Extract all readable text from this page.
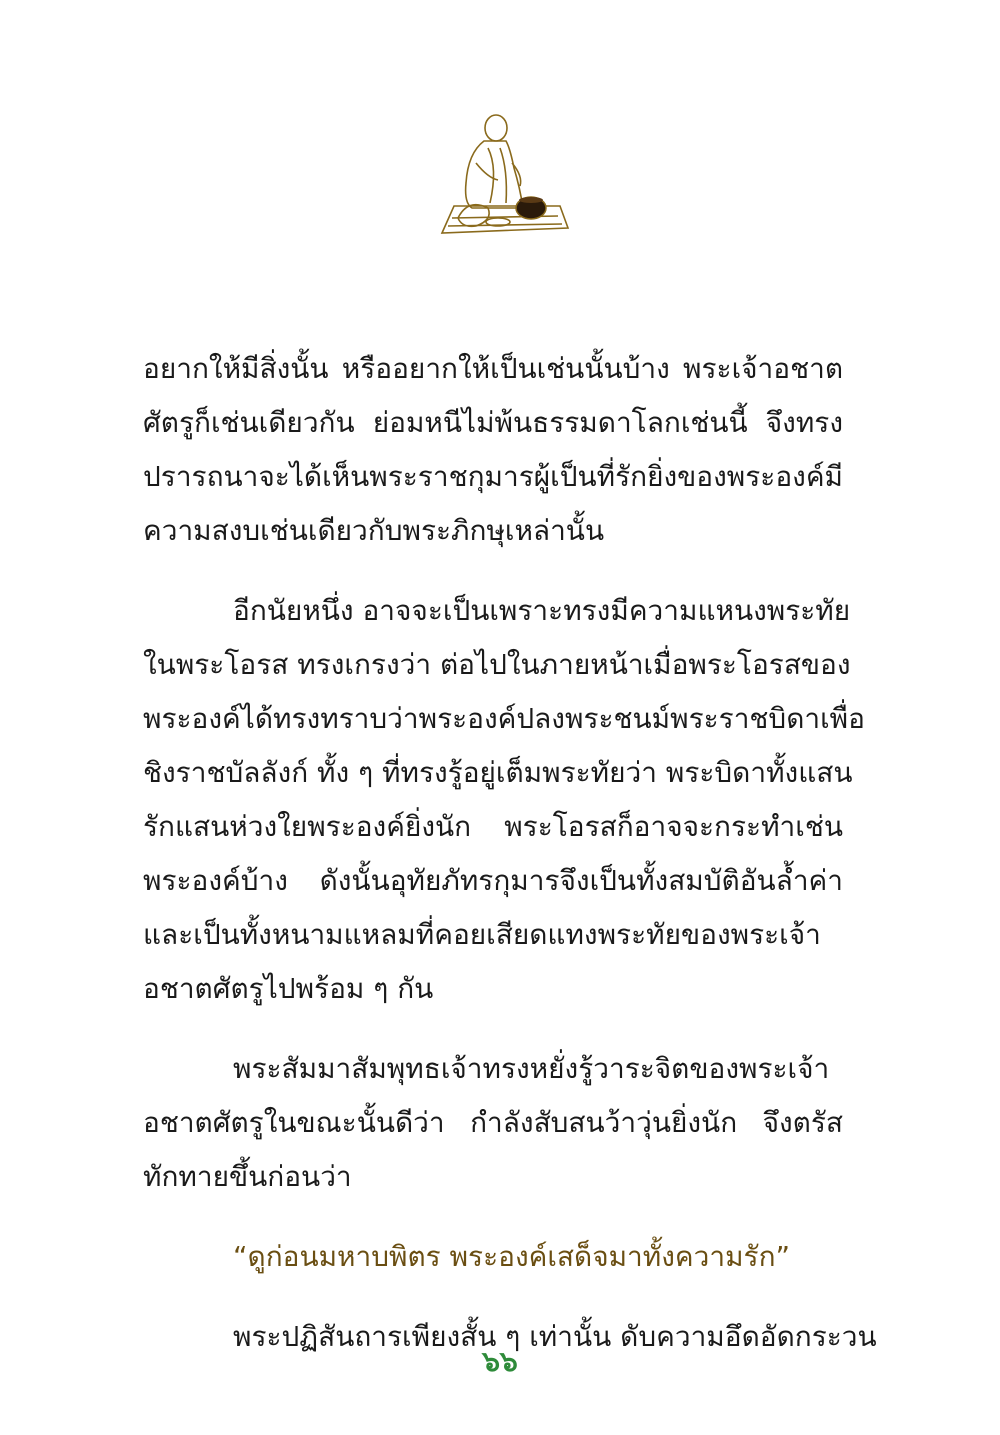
อยากให้มีสิ่งนั้น หรืออยากให้เป็นเช่นนั้นบ้าง พระเจ้าอชาต
ศัตรูก็เช่นเดียวกัน ย่อมหนีไม่พ้นธรรมดาโลกเช่นนี้ จึงทรง
ปรารถนาจะได้เห็นพระราชกุมารผู้เป็นที่รักยิ่งของพระองค์มี
ความสงบเช่นเดียวกับพระภิกษุเหล่านั้น
อีกนัยหนึ่ง อาจจะเป็นเพราะทรงมีความแหนงพระทัย
ในพระโอรส ทรงเกรงว่า ต่อไปในภายหน้าเมื่อพระโอรสของ
พระองค์ได้ทรงทราบว่าพระองค์ปลงพระชนม์พระราชบิดาเพื่อ
ชิงราชบัลลังก์ ทั้ง ๆ ที่ทรงรู้อยู่เต็มพระทัยว่า พระบิดาทั้งแสน
รักแสนห่วงใยพระองค์ยิ่งนัก พระโอรสก็อาจจะกระทำเช่น
พระองค์บ้าง ดังนั้นอุทัยภัทรกุมารจึงเป็นทั้งสมบัติอันล้ำค่า
และเป็นทั้งหนามแหลมที่คอยเสียดแทงพระทัยของพระเจ้า
อชาตศัตรูไปพร้อม ๆ กัน
พระสัมมาสัมพุทธเจ้าทรงหยั่งรู้วาระจิตของพระเจ้า
อชาตศัตรูในขณะนั้นดีว่า กำลังสับสนว้าวุ่นยิ่งนัก จึงตรัส
ทักทายขึ้นก่อนว่า
“ดูก่อนมหาบพิตร พระองค์เสด็จมาทั้งความรัก”
พระปฏิสันถารเพียงสั้น ๆ เท่านั้น ดับความอึดอัดกระวน
๖๖
